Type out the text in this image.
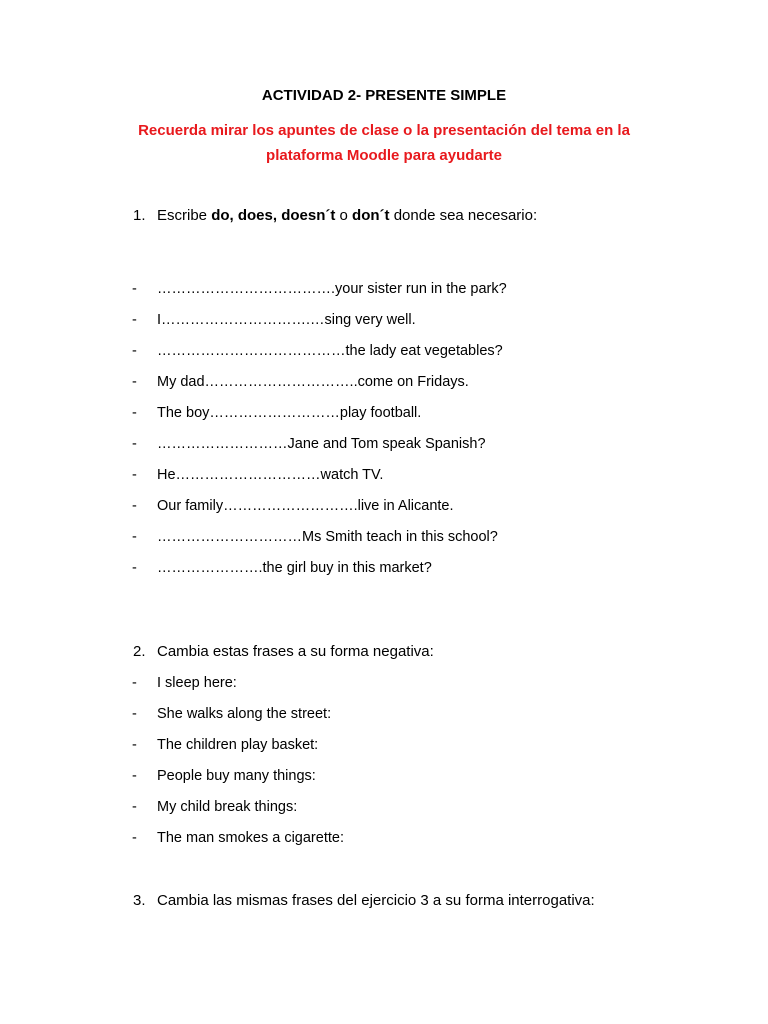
ACTIVIDAD 2- PRESENTE SIMPLE
Recuerda mirar los apuntes de clase o la presentación del tema en la plataforma Moodle para ayudarte
1. Escribe do, does, doesn´t o don´t donde sea necesario:
- ……………………………….your sister run in the park?
- I………………………….…sing very well.
- …………………………………the lady eat vegetables?
- My dad…………………………..come on Fridays.
- The boy………………………play football.
- ………………………Jane and Tom speak Spanish?
- He…………………………watch TV.
- Our family……………………….live in Alicante.
- …………………………Ms Smith teach in this school?
- ………………….the girl buy in this market?
2. Cambia estas frases a su forma negativa:
- I sleep here:
- She walks along the street:
- The children play basket:
- People buy many things:
- My child break things:
- The man smokes a cigarette:
3. Cambia las mismas frases del ejercicio 3 a su forma interrogativa:
